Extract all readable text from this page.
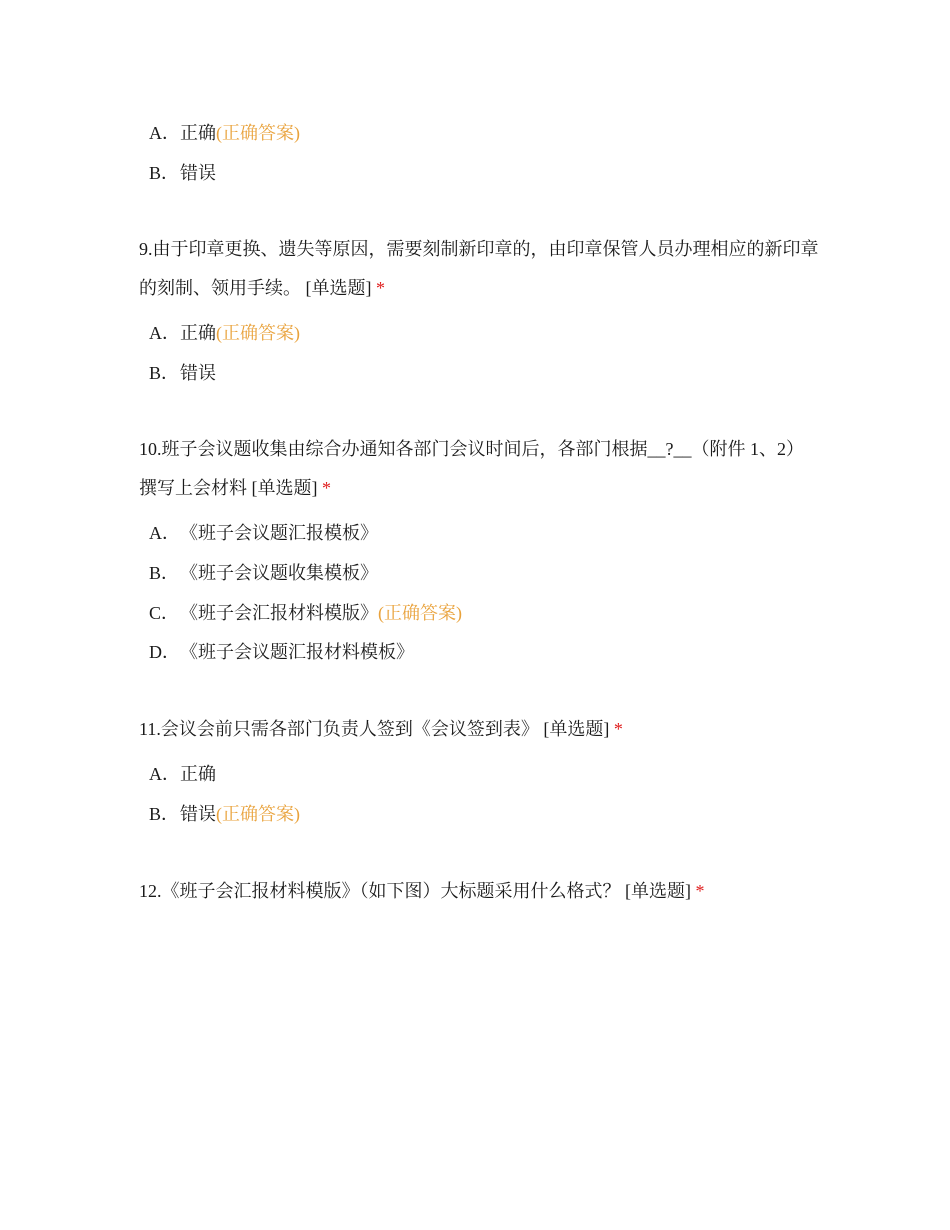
A．正确(正确答案)
B．错误
9.由于印章更换、遗失等原因，需要刻制新印章的，由印章保管人员办理相应的新印章的刻制、领用手续。 [单选题] *
A．正确(正确答案)
B．错误
10.班子会议题收集由综合办通知各部门会议时间后，各部门根据__?__（附件 1、2）撰写上会材料 [单选题] *
A．《班子会议题汇报模板》
B．《班子会议题收集模板》
C．《班子会汇报材料模版》(正确答案)
D．《班子会议题汇报材料模板》
11.会议会前只需各部门负责人签到《会议签到表》 [单选题] *
A．正确
B．错误(正确答案)
12.《班子会汇报材料模版》（如下图）大标题采用什么格式？ [单选题] *
